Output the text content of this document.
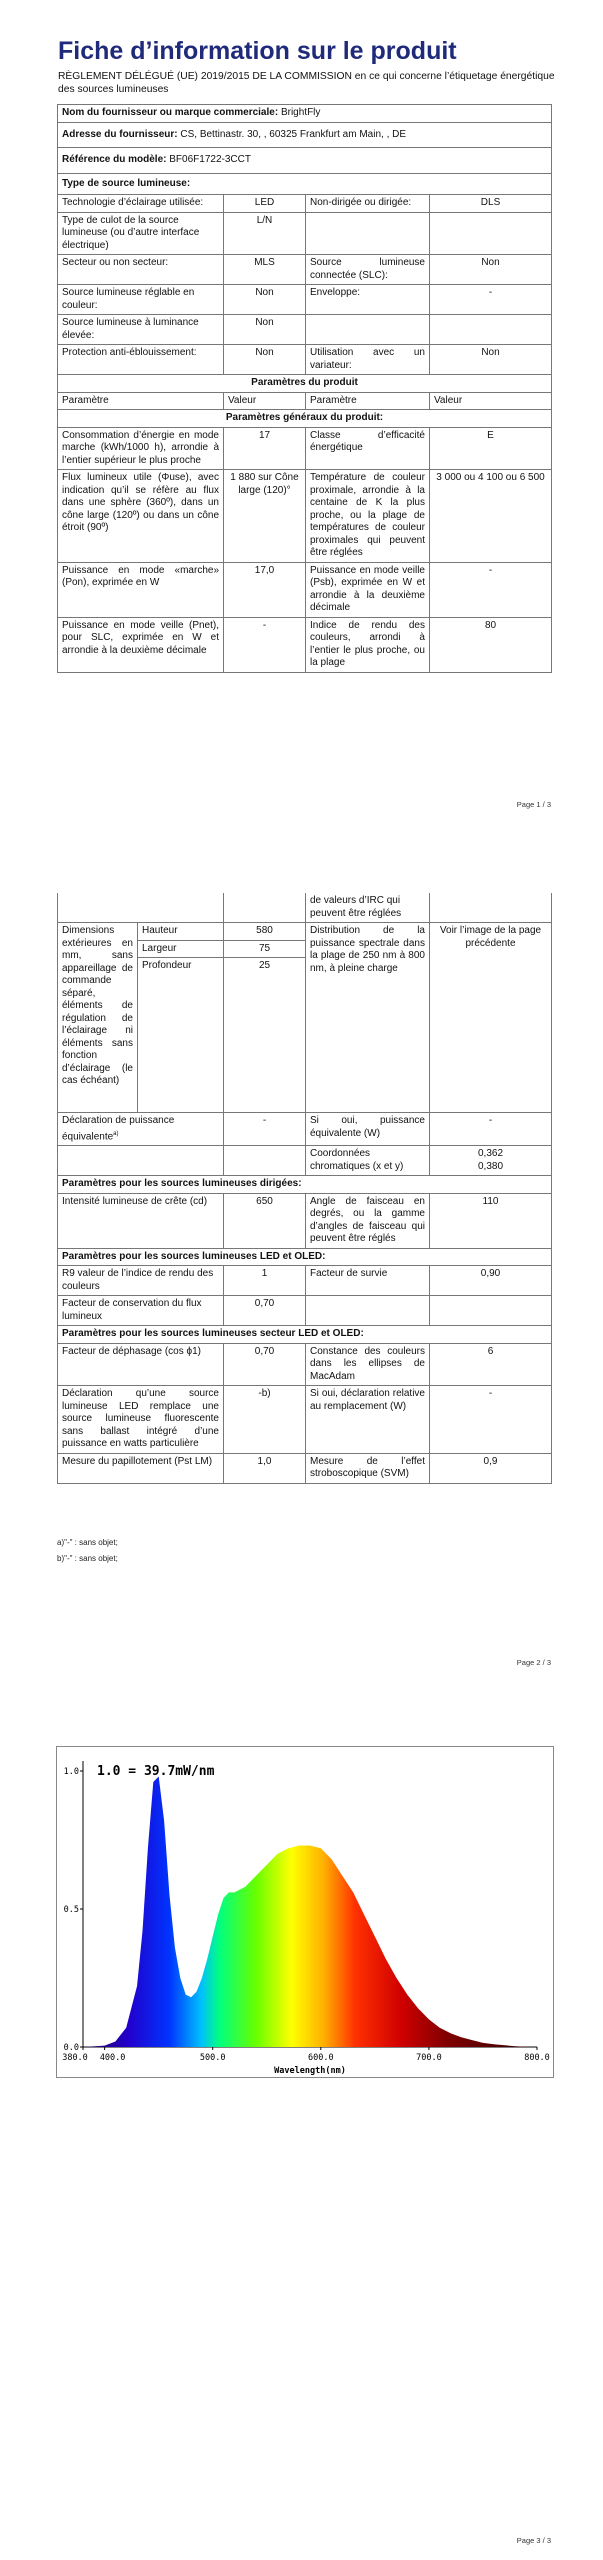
Fiche d’information sur le produit
RÈGLEMENT DÉLÉGUÉ (UE) 2019/2015 DE LA COMMISSION en ce qui concerne l’étiquetage énergétique des sources lumineuses
Nom du fournisseur ou marque commerciale: BrightFly			
Adresse du fournisseur: CS, Bettinastr. 30, , 60325 Frankfurt am Main, , DE			
Référence du modèle: BF06F1722-3CCT			
Type de source lumineuse:			
Technologie d’éclairage utilisée:	LED	Non-dirigée ou dirigée:	DLS
Type de culot de la source lumineuse (ou d’autre interface électrique)	L/N		
Secteur ou non secteur:	MLS	Source lumineuse connectée (SLC):	Non
Source lumineuse réglable en couleur:	Non	Enveloppe:	-
Source lumineuse à luminance élevée:	Non		
Protection anti-éblouissement:	Non	Utilisation avec un variateur:	Non
Paramètres du produit			
Paramètre	Valeur	Paramètre	Valeur
Paramètres généraux du produit:			
Consommation d’énergie en mode marche (kWh/1000 h), arrondie à l’entier supérieur le plus proche	17	Classe d’efficacité énergétique	E
Flux lumineux utile (Φuse), avec indication qu’il se réfère au flux dans une sphère (360º), dans un cône large (120º) ou dans un cône étroit (90º)	1 880 sur Cône large (120)°	Température de couleur proximale, arrondie à la centaine de K la plus proche, ou la plage de températures de couleur proximales qui peuvent être réglées	3 000 ou 4 100 ou 6 500
Puissance en mode «marche» (Pon), exprimée en W	17,0	Puissance en mode veille (Psb), exprimée en W et arrondie à la deuxième décimale	-
Puissance en mode veille (Pnet), pour SLC, exprimée en W et arrondie à la deuxième décimale	-	Indice de rendu des couleurs, arrondi à l’entier le plus proche, ou la plage	80
Page 1 / 3
			de valeurs d’IRC qui peuvent être réglées	
Dimensions extérieures en mm, sans appareillage de commande séparé, éléments de régulation de l’éclairage ni éléments sans fonction d’éclairage (le cas échéant)	Hauteur	580	Distribution de la puissance spectrale dans la plage de 250 nm à 800 nm, à pleine charge	Voir l’image de la page précédente
	Largeur	75		
	Profondeur	25		
Déclaration de puissance équivalente$^{a)}$		-	Si oui, puissance équivalente (W)	-
			Coordonnées chromatiques (x et y)	0,362
0,380
Paramètres pour les sources lumineuses dirigées:				
Intensité lumineuse de crête (cd)		650	Angle de faisceau en degrés, ou la gamme d’angles de faisceau qui peuvent être réglés	110
Paramètres pour les sources lumineuses LED et OLED:				
R9 valeur de l’indice de rendu des couleurs		1	Facteur de survie	0,90
Facteur de conservation du flux lumineux		0,70		
Paramètres pour les sources lumineuses secteur LED et OLED:				
Facteur de déphasage (cos ϕ1)		0,70	Constance des couleurs dans les ellipses de MacAdam	6
Déclaration qu’une source lumineuse LED remplace une source lumineuse fluorescente sans ballast intégré d’une puissance en watts particulière		-b)	Si oui, déclaration relative au remplacement (W)	-
Mesure du papillotement (Pst LM)		1,0	Mesure de l’effet stroboscopique (SVM)	0,9
a)"-" : sans objet;
b)"-" : sans objet;
Page 2 / 3
380.0 400.0	500.0	600.0	700.0	800.0
0.0
0.5
1.0 1.0 = 39.7mW/nm
Wavelength(nm)
Page 3 / 3
